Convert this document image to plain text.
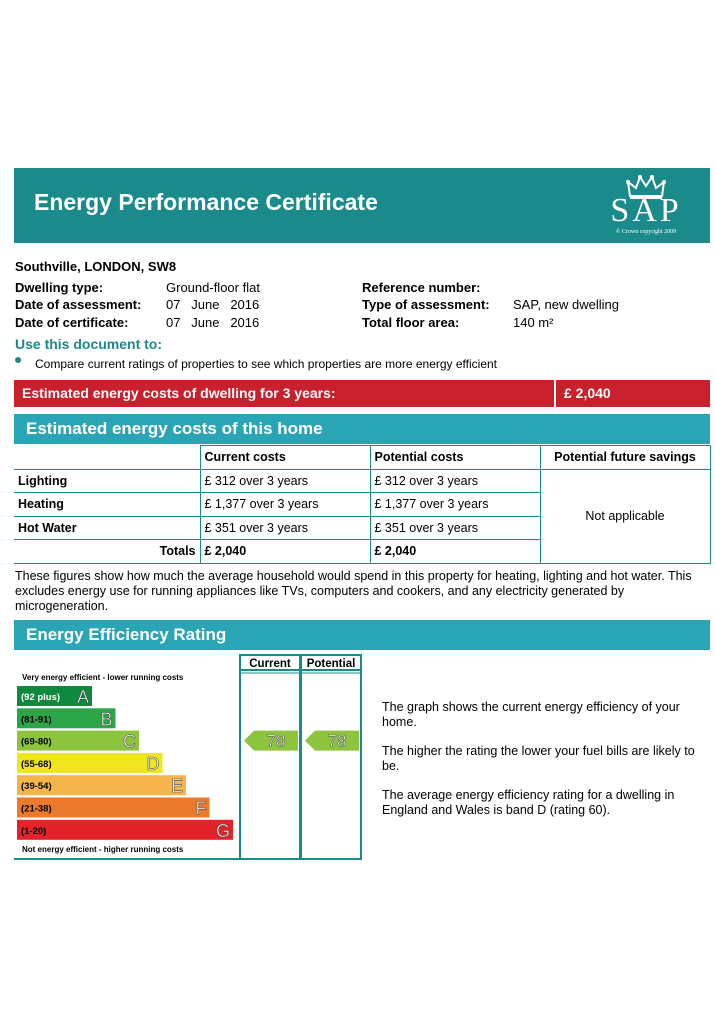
Energy Performance Certificate	SAP
© Crown copyright 2009
Southville, LONDON, SW8
Dwelling type:	Ground-floor flat
Date of assessment: 07   June   2016
Date of certificate:	07   June   2016
Reference number:
Type of assessment: SAP, new dwelling
Total floor area:	140 m²
Use this document to:
Compare current ratings of properties to see which properties are more energy efficient
Estimated energy costs of dwelling for 3 years:	£ 2,040
Estimated energy costs of this home
	Current costs	Potential costs	Potential future savings
Lighting	£ 312 over 3 years	£ 312 over 3 years	Not applicable
Heating	£ 1,377 over 3 years	£ 1,377 over 3 years	
Hot Water	£ 351 over 3 years	£ 351 over 3 years	
Totals	£ 2,040	£ 2,040	
These figures show how much the average household would spend in this property for heating, lighting and hot water. This excludes energy use for running appliances like TVs, computers and cookers, and any electricity generated by microgeneration.
Energy Efficiency Rating
Current Potential
Very energy efficient - lower running costs
Not energy efficient - higher running costs
(92 plus) A
(81-91)	B
(69-80)	C
(55-68)	D
(39-54)	E
(21-38)	F
(1-20)	G
78 78
The graph shows the current energy efficiency of your home.
The higher the rating the lower your fuel bills are likely to be.
The average energy efficiency rating for a dwelling in England and Wales is band D (rating 60).
